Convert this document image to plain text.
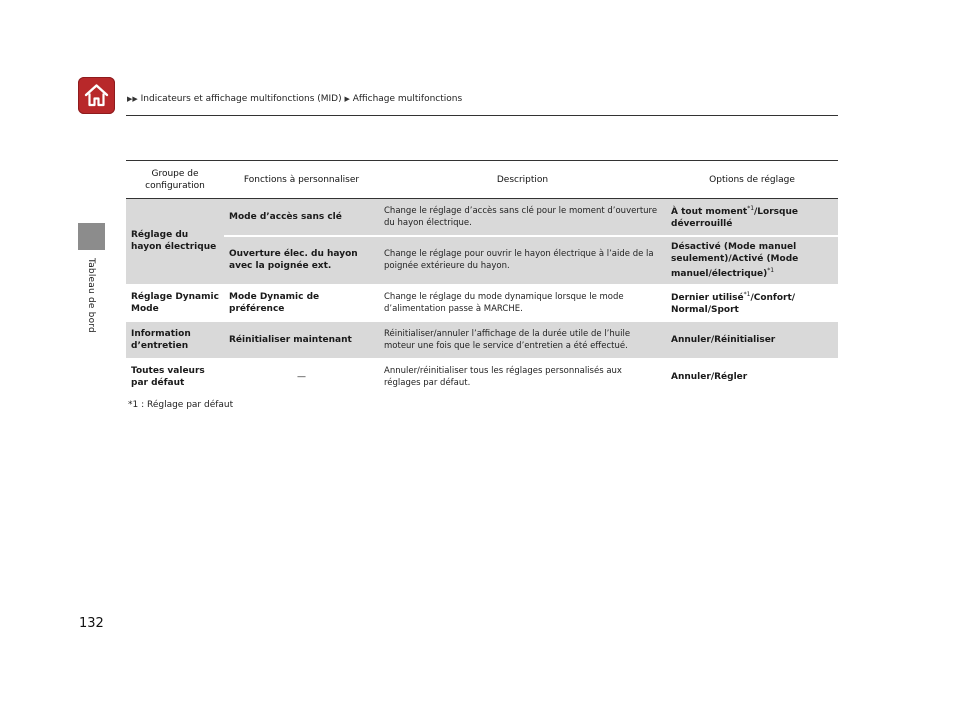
▶▶ Indicateurs et affichage multifonctions (MID) ▶ Affichage multifonctions
Tableau de bord
Groupe de configuration	Fonctions à personnaliser	Description	Options de réglage
Réglage du hayon électrique	Mode d’accès sans clé	Change le réglage d’accès sans clé pour le moment d’ouverture du hayon électrique.	À tout moment$^{*1}$/Lorsque déverrouillé
	Ouverture élec. du hayon avec la poignée ext.	Change le réglage pour ouvrir le hayon électrique à l’aide de la poignée extérieure du hayon.	Désactivé (Mode manuel seulement)/Activé (Mode manuel/électrique)$^{*1}$
Réglage Dynamic Mode	Mode Dynamic de préférence	Change le réglage du mode dynamique lorsque le mode d’alimentation passe à MARCHE.	Dernier utilisé$^{*1}$/Confort/ Normal/Sport
Information d’entretien	Réinitialiser maintenant	Réinitialiser/annuler l’affichage de la durée utile de l’huile moteur une fois que le service d’entretien a été effectué.	Annuler/Réinitialiser
Toutes valeurs par défaut	—	Annuler/réinitialiser tous les réglages personnalisés aux réglages par défaut.	Annuler/Régler
*1 : Réglage par défaut
132
